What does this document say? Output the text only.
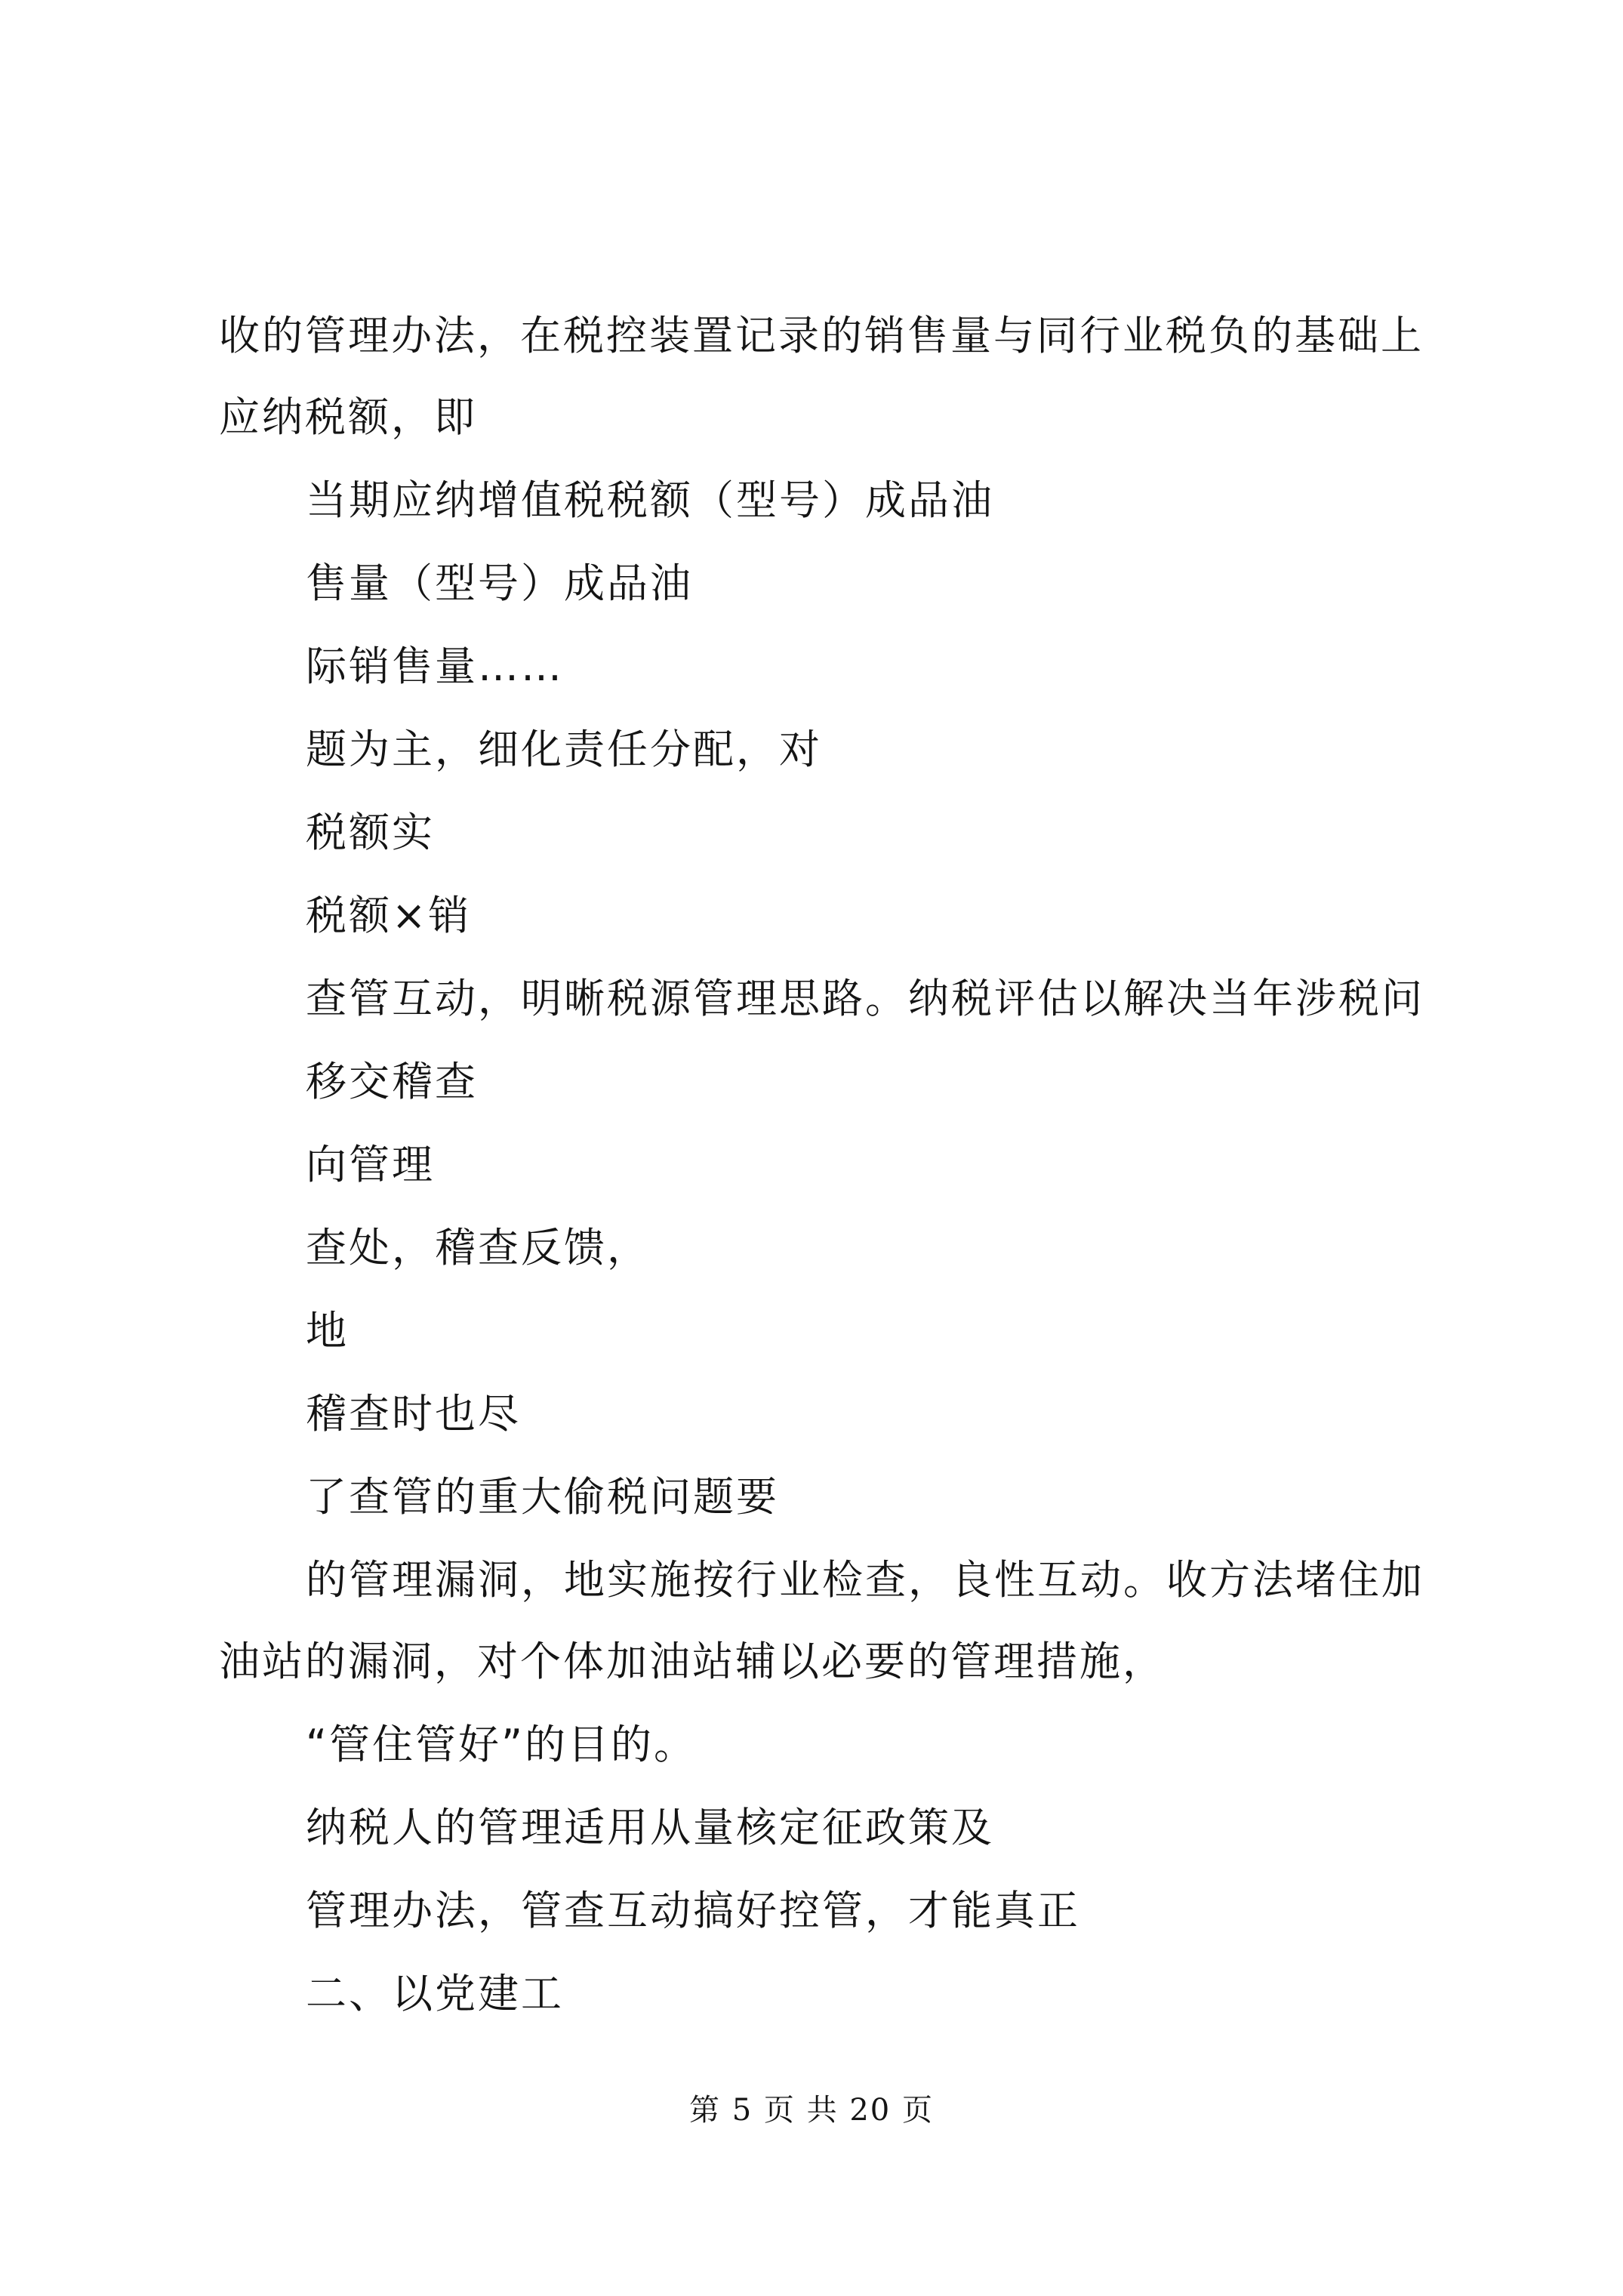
收的管理办法，在税控装置记录的销售量与同行业税负的基础上
应纳税额，即
当期应纳增值税税额（型号）成品油
售量（型号）成品油
际销售量……
题为主，细化责任分配，对
税额实
税额×销
查管互动，明晰税源管理思路。纳税评估以解决当年涉税问
移交稽查
向管理
查处，稽查反馈，
地
稽查时也尽
了查管的重大偷税问题要
的管理漏洞，地实施按行业检查，良性互动。收方法堵住加
油站的漏洞，对个体加油站辅以必要的管理措施，
“管住管好”的目的。
纳税人的管理适用从量核定征政策及
管理办法，管查互动搞好控管，才能真正
二、以党建工
第 5 页 共 20 页
